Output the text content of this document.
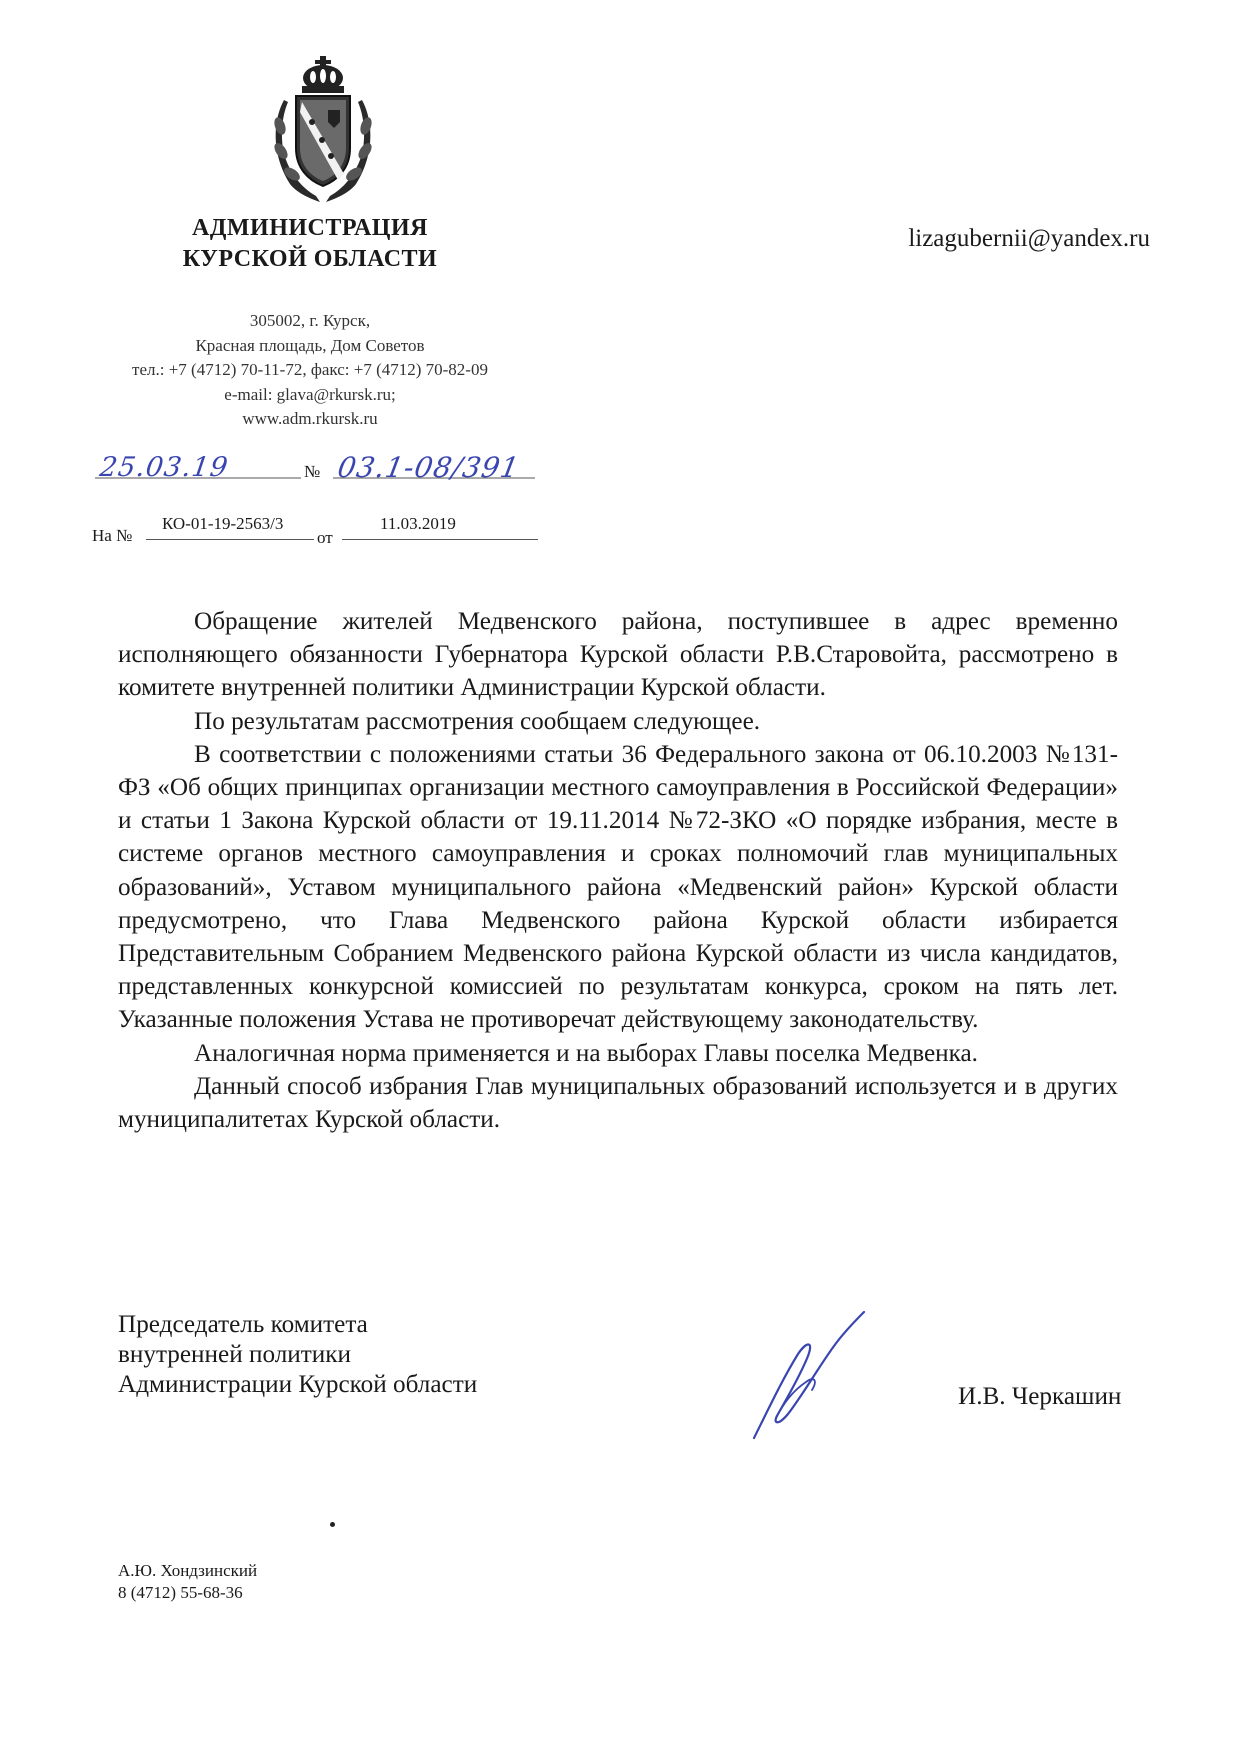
АДМИНИСТРАЦИЯ
КУРСКОЙ ОБЛАСТИ
305002, г. Курск,
Красная площадь, Дом Советов
тел.: +7 (4712) 70-11-72, факс: +7 (4712) 70-82-09
e-mail: glava@rkursk.ru;
www.adm.rkursk.ru
lizagubernii@yandex.ru
25.03.19	№ 03.1-08/391
На №
КО-01-19-2563/3
от
11.03.2019

Обращение жителей Медвенского района, поступившее в адрес временно исполняющего обязанности Губернатора Курской области Р.В.Старовойта, рассмотрено в комитете внутренней политики Администрации Курской области.

По результатам рассмотрения сообщаем следующее.

В соответствии с положениями статьи 36 Федерального закона от 06.10.2003 №131-ФЗ «Об общих принципах организации местного самоуправления в Российской Федерации» и статьи 1 Закона Курской области от 19.11.2014 №72-ЗКО «О порядке избрания, месте в системе органов местного самоуправления и сроках полномочий глав муниципальных образований», Уставом муниципального района «Медвенский район» Курской области предусмотрено, что Глава Медвенского района Курской области избирается Представительным Собранием Медвенского района Курской области из числа кандидатов, представленных конкурсной комиссией по результатам конкурса, сроком на пять лет. Указанные положения Устава не противоречат действующему законодательству.

Аналогичная норма применяется и на выборах Главы поселка Медвенка.

Данный способ избрания Глав муниципальных образований используется и в других муниципалитетах Курской области.

Председатель комитета
внутренней политики
Администрации Курской области	И.В. Черкашин
А.Ю. Хондзинский
8 (4712) 55-68-36
